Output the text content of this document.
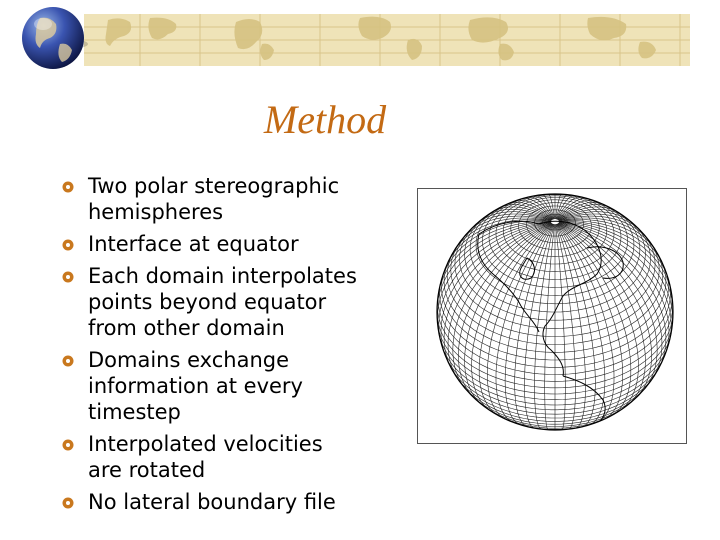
Method
Two polar stereographic hemispheres
Interface at equator
Each domain interpolates points beyond equator from other domain
Domains exchange information at every timestep
Interpolated velocities are rotated
No lateral boundary file
